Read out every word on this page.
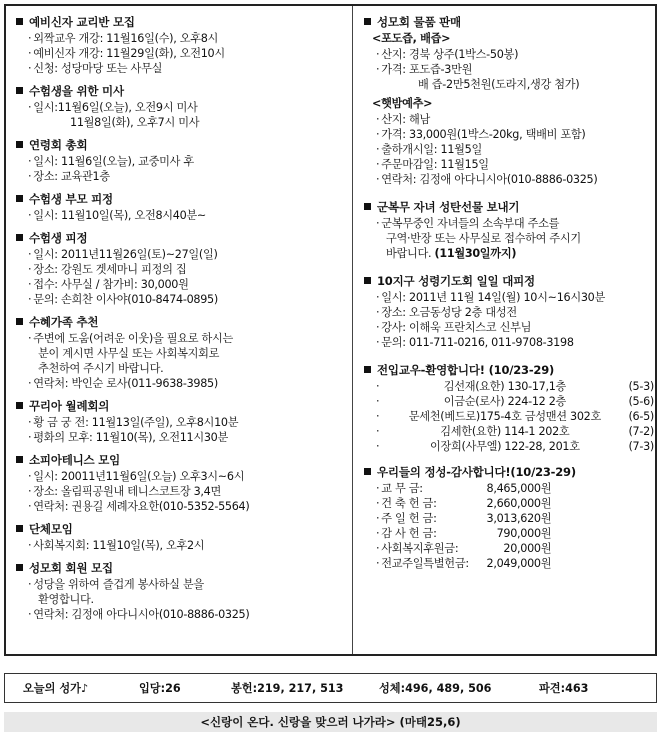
예비신자 교리반 모집
· 외짝교우 개강: 11월16일(수), 오후8시
· 예비신자 개강: 11월29일(화), 오전10시
· 신청: 성당마당 또는 사무실
수험생을 위한 미사
· 일시:11월6일(오늘), 오전9시 미사
11월8일(화), 오후7시 미사
연령회 총회
· 일시: 11월6일(오늘), 교중미사 후
· 장소: 교육관1층
수험생 부모 피정
· 일시: 11월10일(목), 오전8시40분~
수험생 피정
· 일시: 2011년11월26일(토)~27일(일)
· 장소: 강원도 겟세마니 피정의 집
· 접수: 사무실 / 참가비: 30,000원
· 문의: 손희찬 이사야(010-8474-0895)
수혜가족 추천
· 주변에 도움(어려운 이웃)을 필요로 하시는
분이 계시면 사무실 또는 사회복지회로
추천하여 주시기 바랍니다.
· 연락처: 박인순 로사(011-9638-3985)
꾸리아 월례회의
· 황 금 궁 전: 11월13일(주일), 오후8시10분
· 평화의 모후: 11월10(목), 오전11시30분
소피아테니스 모임
· 일시: 20011년11월6일(오늘) 오후3시~6시
· 장소: 올림픽공원내 테니스코트장 3,4면
· 연락처: 권용길 세례자요한(010-5352-5564)
단체모임
· 사회복지회: 11월10일(목), 오후2시
성모회 회원 모집
· 성당을 위하여 즐겁게 봉사하실 분을
환영합니다.
· 연락처: 김정애 아다니시아(010-8886-0325)
성모회 물품 판매
<포도즙, 배즙>
· 산지: 경북 상주(1박스-50봉)
· 가격: 포도즙-3만원
배 즙-2만5천원(도라지,생강 첨가)
<햇밤예추>
· 산지: 해남
· 가격: 33,000원(1박스-20kg, 택배비 포함)
· 출하개시일: 11월5일
· 주문마감일: 11월15일
· 연락처: 김정애 아다니시아(010-8886-0325)
군복무 자녀 성탄선물 보내기
· 군복무중인 자녀들의 소속부대 주소를
구역·반장 또는 사무실로 접수하여 주시기
바랍니다. (11월30일까지)
10지구 성령기도회 일일 대피정
· 일시: 2011년 11월 14일(월) 10시~16시30분
· 장소: 오금동성당 2층 대성전
· 강사: 이해욱 프란치스코 신부님
· 문의: 011-711-0216, 011-9708-3198
전입교우-환영합니다! (10/23-29)
· 김선재(요한) 130-17,1층	(5-3)
· 이금순(로사) 224-12 2층	(5-6)
· 문세천(베드로)175-4호 금성맨션 302호 (6-5)
· 김세한(요한) 114-1 202호	(7-2)
· 이장희(사무엘) 122-28, 201호	(7-3)
우리들의 정성-감사합니다!(10/23-29)
· 교 무 금:	8,465,000원
· 건 축 헌 금:	2,660,000원
· 주 일 헌 금:	3,013,620원
· 감 사 헌 금:	790,000원
· 사회복지후원금:	20,000원
· 전교주일특별헌금:	2,049,000원
오늘의 성가♪	입당:26	봉헌:219, 217, 513	성체:496, 489, 506	파견:463
<신랑이 온다. 신랑을 맞으러 나가라> (마태25,6)
